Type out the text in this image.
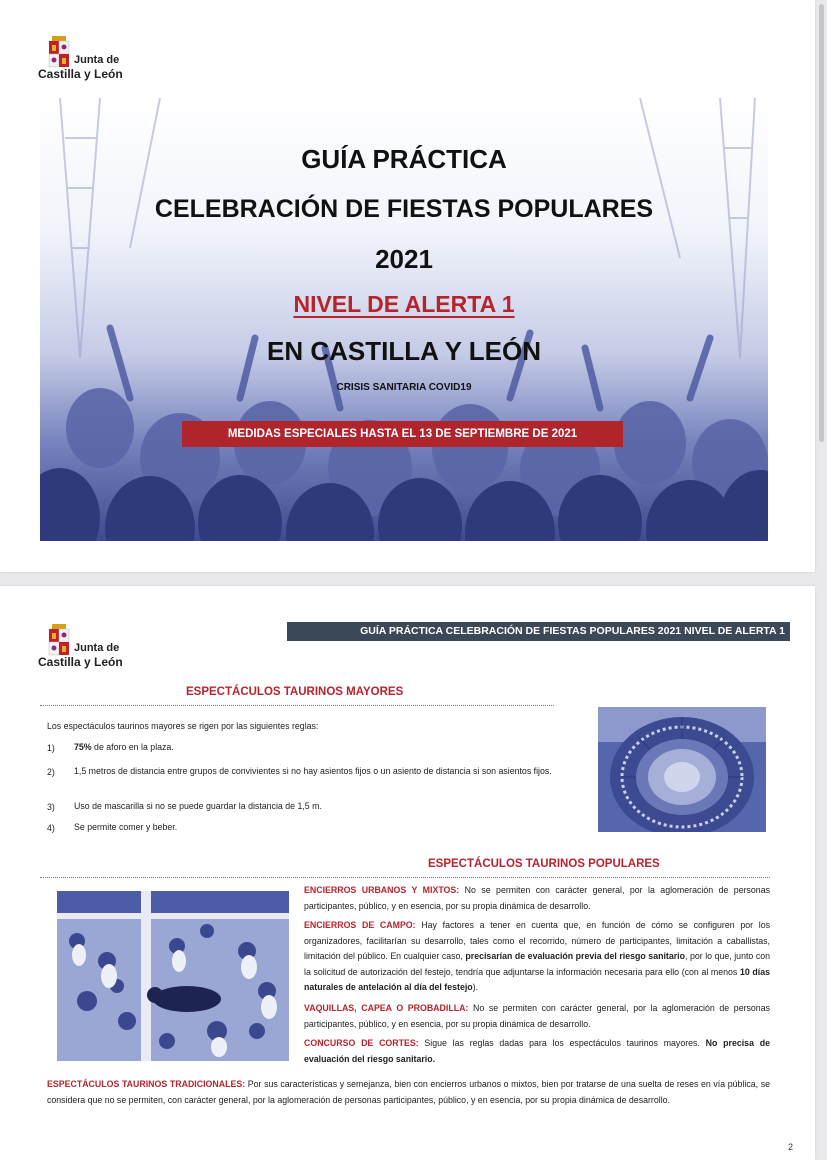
Junta de
Castilla y León
GUÍA PRÁCTICA
CELEBRACIÓN DE FIESTAS POPULARES
2021
NIVEL DE ALERTA 1
EN CASTILLA Y LEÓN
CRISIS SANITARIA COVID19
MEDIDAS ESPECIALES HASTA EL 13 DE SEPTIEMBRE DE 2021
Junta de
Castilla y León
GUÍA PRÁCTICA CELEBRACIÓN DE FIESTAS POPULARES 2021 NIVEL DE ALERTA 1
ESPECTÁCULOS TAURINOS MAYORES
Los espectáculos taurinos mayores se rigen por las siguientes reglas:
1) 75% de aforo en la plaza.
2) 1,5 metros de distancia entre grupos de convivientes si no hay asientos fijos o un asiento de distancia si son asientos fijos.
3) Uso de mascarilla si no se puede guardar la distancia de 1,5 m.
4) Se permite comer y beber.
ESPECTÁCULOS TAURINOS POPULARES
ENCIERROS URBANOS Y MIXTOS: No se permiten con carácter general, por la aglomeración de personas participantes, público, y en esencia, por su propia dinámica de desarrollo.
ENCIERROS DE CAMPO: Hay factores a tener en cuenta que, en función de cómo se configuren por los organizadores, facilitarían su desarrollo, tales como el recorrido, número de participantes, limitación a caballistas, limitación del público. En cualquier caso, precisarían de evaluación previa del riesgo sanitario, por lo que, junto con la solicitud de autorización del festejo, tendría que adjuntarse la información necesaria para ello (con al menos 10 días naturales de antelación al día del festejo).
VAQUILLAS, CAPEA O PROBADILLA: No se permiten con carácter general, por la aglomeración de personas participantes, público, y en esencia, por su propia dinámica de desarrollo.
CONCURSO DE CORTES: Sigue las reglas dadas para los espectáculos taurinos mayores. No precisa de evaluación del riesgo sanitario.
ESPECTÁCULOS TAURINOS TRADICIONALES: Por sus características y semejanza, bien con encierros urbanos o mixtos, bien por tratarse de una suelta de reses en vía pública, se considera que no se permiten, con carácter general, por la aglomeración de personas participantes, público, y en esencia, por su propia dinámica de desarrollo.
2
